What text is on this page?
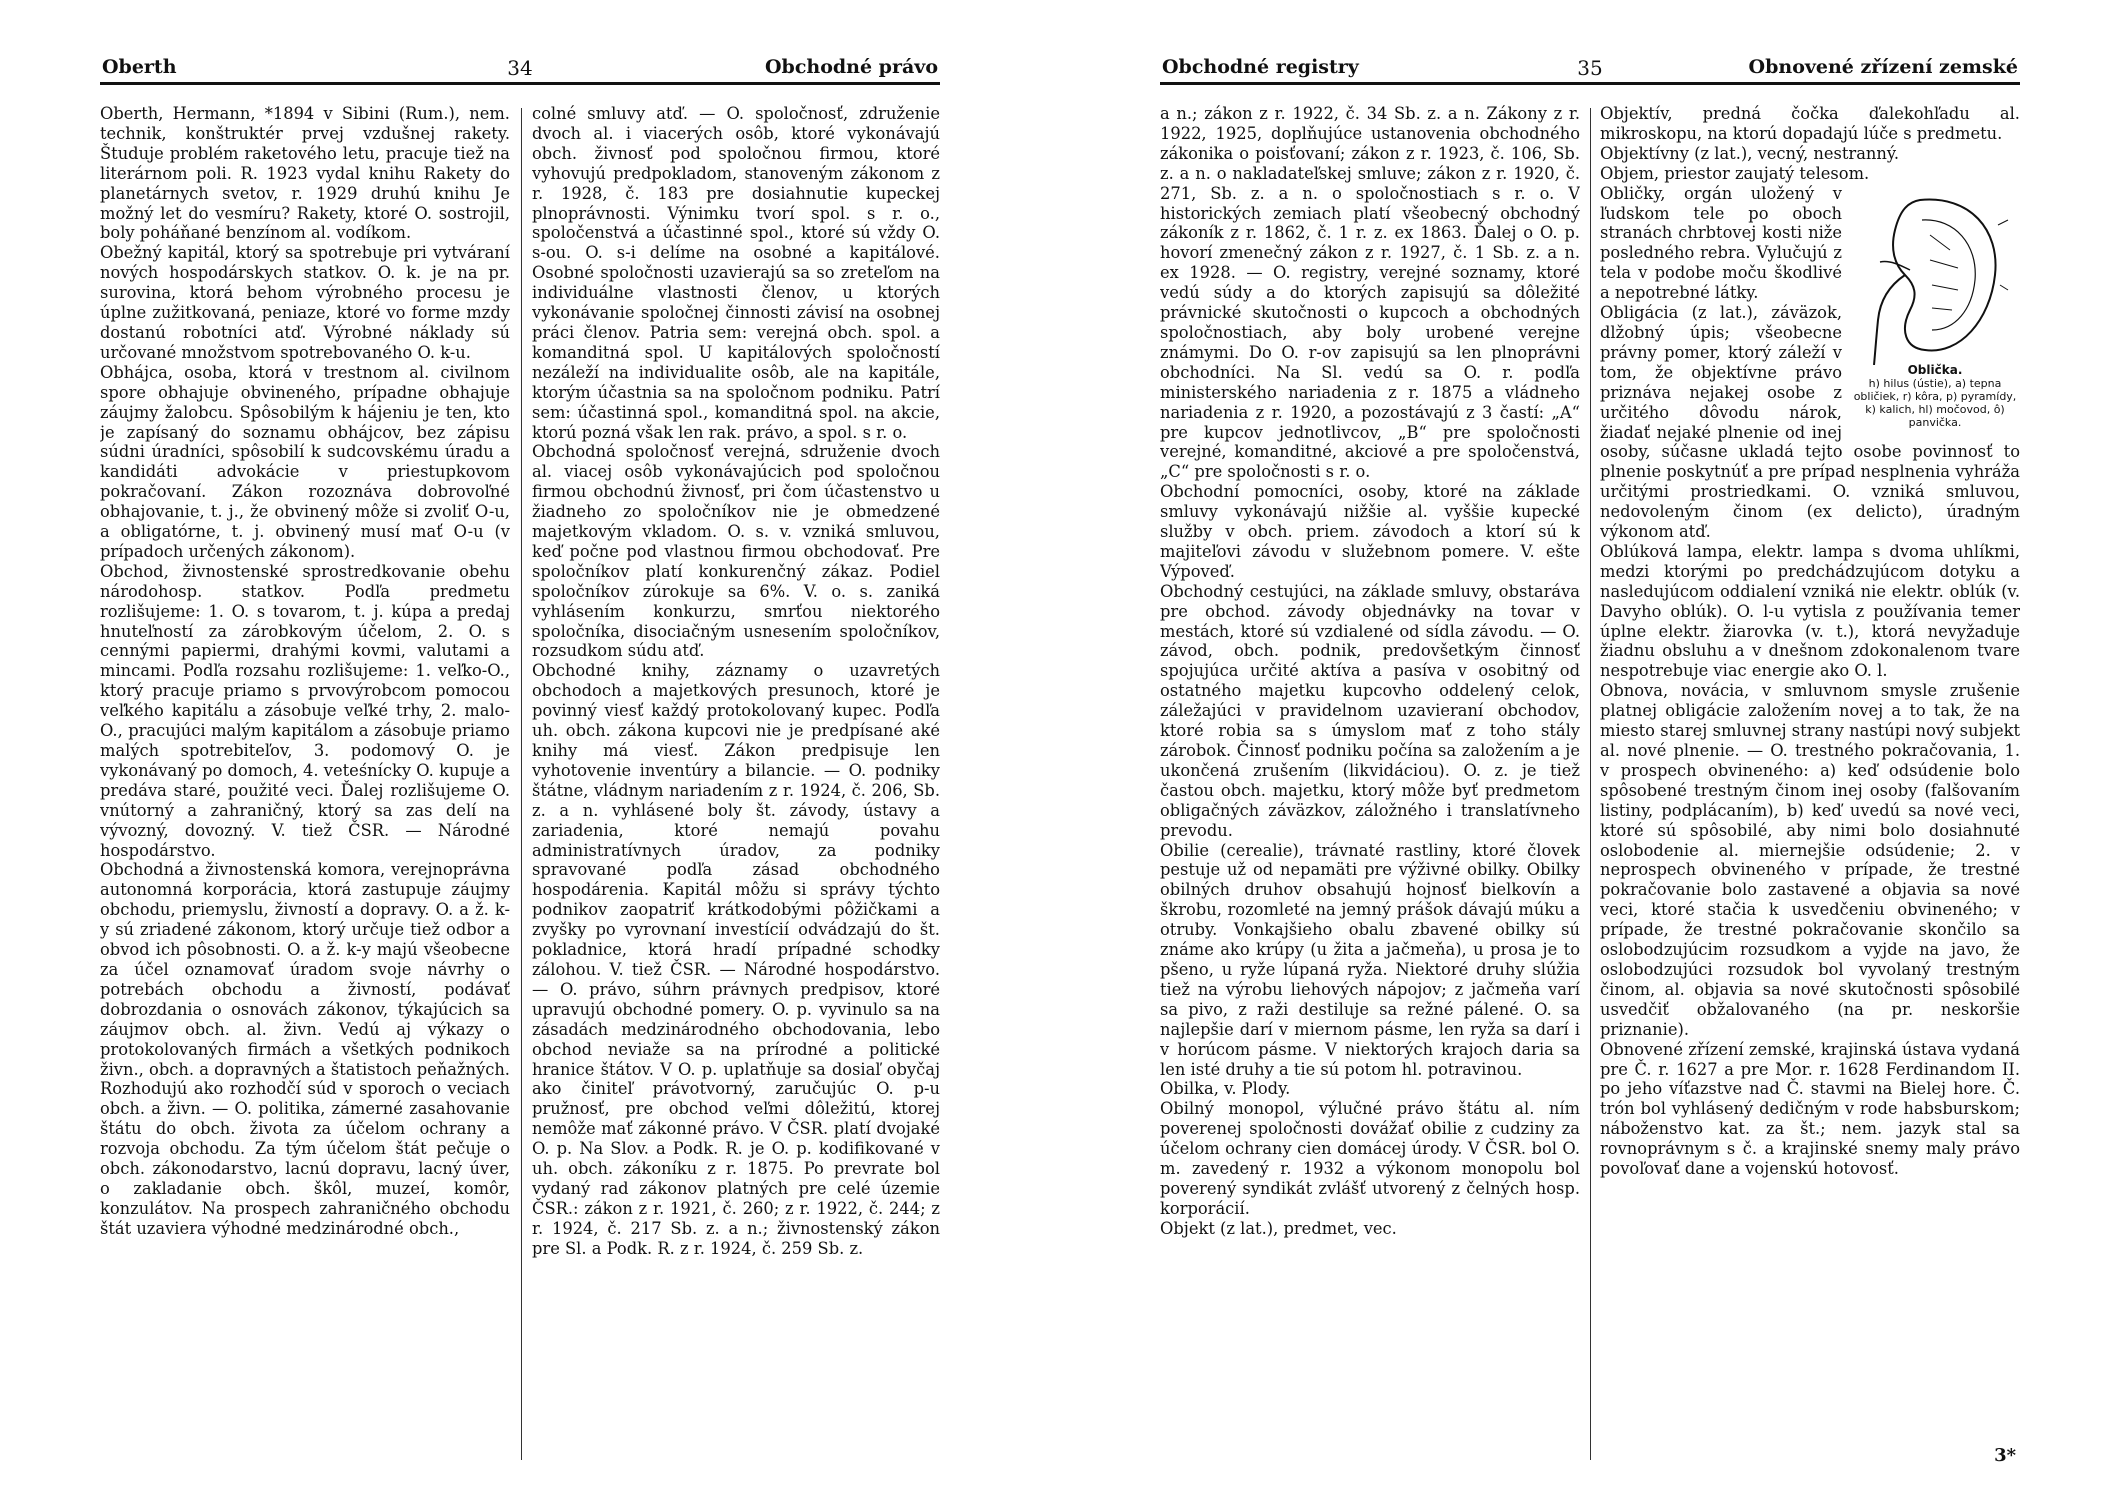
Oberth	34	Obchodné právo

Oberth, Hermann, *1894 v Sibini (Rum.), nem. technik, konštruktér prvej vzdušnej rakety. Študuje problém raketového letu, pracuje tiež na literárnom poli. R. 1923 vydal knihu Rakety do planetárnych svetov, r. 1929 druhú knihu Je možný let do vesmíru? Rakety, ktoré O. sostrojil, boly poháňané benzínom al. vodíkom.

Obežný kapitál, ktorý sa spotrebuje pri vytváraní nových hospodárskych statkov. O. k. je na pr. surovina, ktorá behom výrobného procesu je úplne zužitkovaná, peniaze, ktoré vo forme mzdy dostanú robotníci atď. Výrobné náklady sú určované množstvom spotrebovaného O. k-u.

Obhájca, osoba, ktorá v trestnom al. civilnom spore obhajuje obvineného, prípadne obhajuje záujmy žalobcu. Spôsobilým k hájeniu je ten, kto je zapísaný do soznamu obhájcov, bez zápisu súdni úradníci, spôsobilí k sudcovskému úradu a kandidáti advokácie v priestupkovom pokračovaní. Zákon rozoznáva dobrovoľné obhajovanie, t. j., že obvinený môže si zvoliť O-u, a obligatórne, t. j. obvinený musí mať O-u (v prípadoch určených zákonom).

Obchod, živnostenské sprostredkovanie obehu národohosp. statkov. Podľa predmetu rozlišujeme: 1. O. s tovarom, t. j. kúpa a predaj hnuteľností za zárobkovým účelom, 2. O. s cennými papiermi, drahými kovmi, valutami a mincami. Podľa rozsahu rozlišujeme: 1. veľko-O., ktorý pracuje priamo s prvovýrobcom pomocou veľkého kapitálu a zásobuje veľké trhy, 2. malo-O., pracujúci malým kapitálom a zásobuje priamo malých spotrebiteľov, 3. podomový O. je vykonávaný po domoch, 4. veteśnícky O. kupuje a predáva staré, použité veci. Ďalej rozlišujeme O. vnútorný a zahraničný, ktorý sa zas delí na vývozný, dovozný. V. tiež ČSR. — Národné hospodárstvo.

Obchodná a živnostenská komora, verejnoprávna autonomná korporácia, ktorá zastupuje záujmy obchodu, priemyslu, živností a dopravy. O. a ž. k-y sú zriadené zákonom, ktorý určuje tiež odbor a obvod ich pôsobnosti. O. a ž. k-y majú všeobecne za účel oznamovať úradom svoje návrhy o potrebách obchodu a živností, podávať dobrozdania o osnovách zákonov, týkajúcich sa záujmov obch. al. živn. Vedú aj výkazy o protokolovaných firmách a všetkých podnikoch živn., obch. a dopravných a štatistoch peňažných. Rozhodujú ako rozhodčí súd v sporoch o veciach obch. a živn. — O. politika, zámerné zasahovanie štátu do obch. života za účelom ochrany a rozvoja obchodu. Za tým účelom štát pečuje o obch. zákonodarstvo, lacnú dopravu, lacný úver, o zakladanie obch. škôl, muzeí, komôr, konzulátov. Na prospech zahraničného obchodu štát uzaviera výhodné medzinárodné obch.,

colné smluvy atď. — O. spoločnosť, združenie dvoch al. i viacerých osôb, ktoré vykonávajú obch. živnosť pod spoločnou firmou, ktoré vyhovujú predpokladom, stanoveným zákonom z r. 1928, č. 183 pre dosiahnutie kupeckej plnoprávnosti. Výnimku tvorí spol. s r. o., spoločenstvá a účastinné spol., ktoré sú vždy O. s-ou. O. s-i delíme na osobné a kapitálové. Osobné spoločnosti uzavierajú sa so zreteľom na individuálne vlastnosti členov, u ktorých vykonávanie spoločnej činnosti závisí na osobnej práci členov. Patria sem: verejná obch. spol. a komanditná spol. U kapitálových spoločností nezáleží na individualite osôb, ale na kapitále, ktorým účastnia sa na spoločnom podniku. Patrí sem: účastinná spol., komanditná spol. na akcie, ktorú pozná však len rak. právo, a spol. s r. o.

Obchodná spoločnosť verejná, sdruženie dvoch al. viacej osôb vykonávajúcich pod spoločnou firmou obchodnú živnosť, pri čom účastenstvo u žiadneho zo spoločníkov nie je obmedzené majetkovým vkladom. O. s. v. vzniká smluvou, keď počne pod vlastnou firmou obchodovať. Pre spoločníkov platí konkurenčný zákaz. Podiel spoločníkov zúrokuje sa 6%. V. o. s. zaniká vyhlásením konkurzu, smrťou niektorého spoločníka, disociačným usnesením spoločníkov, rozsudkom súdu atď.

Obchodné knihy, záznamy o uzavretých obchodoch a majetkových presunoch, ktoré je povinný viesť každý protokolovaný kupec. Podľa uh. obch. zákona kupcovi nie je predpísané aké knihy má viesť. Zákon predpisuje len vyhotovenie inventúry a bilancie. — O. podniky štátne, vládnym nariadením z r. 1924, č. 206, Sb. z. a n. vyhlásené boly št. závody, ústavy a zariadenia, ktoré nemajú povahu administratívnych úradov, za podniky spravované podľa zásad obchodného hospodárenia. Kapitál môžu si správy týchto podnikov zaopatriť krátkodobými pôžičkami a zvyšky po vyrovnaní investícií odvádzajú do št. pokladnice, ktorá hradí prípadné schodky zálohou. V. tiež ČSR. — Národné hospodárstvo. — O. právo, súhrn právnych predpisov, ktoré upravujú obchodné pomery. O. p. vyvinulo sa na zásadách medzinárodného obchodovania, lebo obchod neviaže sa na prírodné a politické hranice štátov. V O. p. uplatňuje sa dosiaľ obyčaj ako činiteľ právotvorný, zaručujúc O. p-u pružnosť, pre obchod veľmi dôležitú, ktorej nemôže mať zákonné právo. V ČSR. platí dvojaké O. p. Na Slov. a Podk. R. je O. p. kodifikované v uh. obch. zákoníku z r. 1875. Po prevrate bol vydaný rad zákonov platných pre celé územie ČSR.: zákon z r. 1921, č. 260; z r. 1922, č. 244; z r. 1924, č. 217 Sb. z. a n.; živnostenský zákon pre Sl. a Podk. R. z r. 1924, č. 259 Sb. z.

Obchodné registry	35	Obnovené zřízení zemské

a n.; zákon z r. 1922, č. 34 Sb. z. a n. Zákony z r. 1922, 1925, doplňujúce ustanovenia obchodného zákonika o poisťovaní; zákon z r. 1923, č. 106, Sb. z. a n. o nakladateľskej smluve; zákon z r. 1920, č. 271, Sb. z. a n. o spoločnostiach s r. o. V historických zemiach platí všeobecný obchodný zákoník z r. 1862, č. 1 r. z. ex 1863. Ďalej o O. p. hovorí zmenečný zákon z r. 1927, č. 1 Sb. z. a n. ex 1928. — O. registry, verejné soznamy, ktoré vedú súdy a do ktorých zapisujú sa dôležité právnické skutočnosti o kupcoch a obchodných spoločnostiach, aby boly urobené verejne známymi. Do O. r-ov zapisujú sa len plnoprávni obchodníci. Na Sl. vedú sa O. r. podľa ministerského nariadenia z r. 1875 a vládneho nariadenia z r. 1920, a pozostávajú z 3 častí: „A“ pre kupcov jednotlivcov, „B“ pre spoločnosti verejné, komanditné, akciové a pre spoločenstvá, „C“ pre spoločnosti s r. o.

Obchodní pomocníci, osoby, ktoré na základe smluvy vykonávajú nižšie al. vyššie kupecké služby v obch. priem. závodoch a ktorí sú k majiteľovi závodu v služebnom pomere. V. ešte Výpoveď.

Obchodný cestujúci, na základe smluvy, obstaráva pre obchod. závody objednávky na tovar v mestách, ktoré sú vzdialené od sídla závodu. — O. závod, obch. podnik, predovšetkým činnosť spojujúca určité aktíva a pasíva v osobitný od ostatného majetku kupcovho oddelený celok, záležajúci v pravidelnom uzavieraní obchodov, ktoré robia sa s úmyslom mať z toho stály zárobok. Činnosť podniku počína sa založením a je ukončená zrušením (likvidáciou). O. z. je tiež častou obch. majetku, ktorý môže byť predmetom obligačných záväzkov, záložného i translatívneho prevodu.

Obilie (cerealie), trávnaté rastliny, ktoré človek pestuje už od nepamäti pre výživné obilky. Obilky obilných druhov obsahujú hojnosť bielkovín a škrobu, rozomleté na jemný prášok dávajú múku a otruby. Vonkajšieho obalu zbavené obilky sú známe ako krúpy (u žita a jačmeňa), u prosa je to pšeno, u ryže lúpaná ryža. Niektoré druhy slúžia tiež na výrobu liehových nápojov; z jačmeňa varí sa pivo, z raži destiluje sa režné pálené. O. sa najlepšie darí v miernom pásme, len ryža sa darí i v horúcom pásme. V niektorých krajoch daria sa len isté druhy a tie sú potom hl. potravinou.

Obilka, v. Plody.

Obilný monopol, výlučné právo štátu al. ním poverenej spoločnosti dovážať obilie z cudziny za účelom ochrany cien domácej úrody. V ČSR. bol O. m. zavedený r. 1932 a výkonom monopolu bol poverený syndikát zvlášť utvorený z čelných hosp. korporácií.

Objekt (z lat.), predmet, vec.

Objektív, predná čočka ďalekohľadu al. mikroskopu, na ktorú dopadajú lúče s predmetu.

Objektívny (z lat.), vecný, nestranný.

Objem, priestor zaujatý telesom.

Oblička.
h) hilus (ústie), a) tepna obličiek, r) kôra, p) pyramídy, k) kalich, hl) močovod, ô) panvička.

Obličky, orgán uložený v ľudskom tele po oboch stranách chrbtovej kosti niže posledného rebra. Vylučujú z tela v podobe moču škodlivé a nepotrebné látky.

Obligácia (z lat.), záväzok, dlžobný úpis; všeobecne právny pomer, ktorý záleží v tom, že objektívne právo priznáva nejakej osobe z určitého dôvodu nárok, žiadať nejaké plnenie od inej osoby, súčasne ukladá tejto osobe povinnosť to plnenie poskytnúť a pre prípad nesplnenia vyhráža určitými prostriedkami. O. vzniká smluvou, nedovoleným činom (ex delicto), úradným výkonom atď.

Oblúková lampa, elektr. lampa s dvoma uhlíkmi, medzi ktorými po predchádzujúcom dotyku a nasledujúcom oddialení vzniká nie elektr. oblúk (v. Davyho oblúk). O. l-u vytisla z používania temer úplne elektr. žiarovka (v. t.), ktorá nevyžaduje žiadnu obsluhu a v dnešnom zdokonalenom tvare nespotrebuje viac energie ako O. l.

Obnova, novácia, v smluvnom smysle zrušenie platnej obligácie založením novej a to tak, že na miesto starej smluvnej strany nastúpi nový subjekt al. nové plnenie. — O. trestného pokračovania, 1. v prospech obvineného: a) keď odsúdenie bolo spôsobené trestným činom inej osoby (falšovaním listiny, podplácaním), b) keď uvedú sa nové veci, ktoré sú spôsobilé, aby nimi bolo dosiahnuté oslobodenie al. miernejšie odsúdenie; 2. v neprospech obvineného v prípade, že trestné pokračovanie bolo zastavené a objavia sa nové veci, ktoré stačia k usvedčeniu obvineného; v prípade, že trestné pokračovanie skončilo sa oslobodzujúcim rozsudkom a vyjde na javo, že oslobodzujúci rozsudok bol vyvolaný trestným činom, al. objavia sa nové skutočnosti spôsobilé usvedčiť obžalovaného (na pr. neskoršie priznanie).

Obnovené zřízení zemské, krajinská ústava vydaná pre Č. r. 1627 a pre Mor. r. 1628 Ferdinandom II. po jeho víťazstve nad Č. stavmi na Bielej hore. Č. trón bol vyhlásený dedičným v rode habsburskom; náboženstvo kat. za št.; nem. jazyk stal sa rovnoprávnym s č. a krajinské snemy maly právo povoľovať dane a vojenskú hotovosť.

3*
